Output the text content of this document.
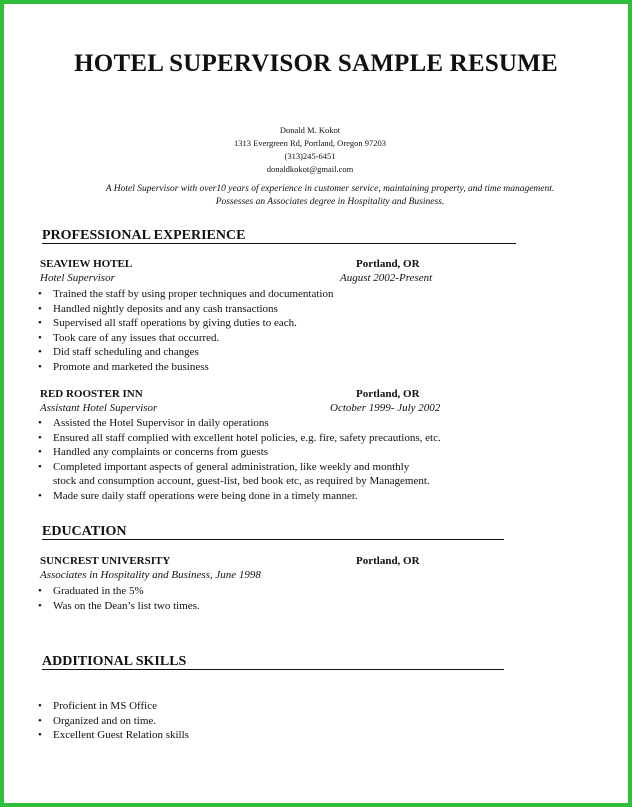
HOTEL SUPERVISOR SAMPLE RESUME
Donald M. Kokot
1313 Evergreen Rd, Portland, Oregon 97203
(313)245-6451
donaldkokot@gmail.com
A Hotel Supervisor with over10 years of experience in customer service, maintaining property, and time management.
Possesses an Associates degree in Hospitality and Business.
PROFESSIONAL EXPERIENCE
SEAVIEW HOTEL	Portland, OR
Hotel Supervisor	August 2002-Present
• Trained the staff by using proper techniques and documentation
• Handled nightly deposits and any cash transactions
• Supervised all staff operations by giving duties to each.
• Took care of any issues that occurred.
• Did staff scheduling and changes
• Promote and marketed the business
RED ROOSTER INN	Portland, OR
Assistant Hotel Supervisor	October 1999- July 2002
• Assisted the Hotel Supervisor in daily operations
• Ensured all staff complied with excellent hotel policies, e.g. fire, safety precautions, etc.
• Handled any complaints or concerns from guests
• Completed important aspects of general administration, like weekly and monthly
stock and consumption account, guest-list, bed book etc, as required by Management.
• Made sure daily staff operations were being done in a timely manner.
EDUCATION
SUNCREST UNIVERSITY	Portland, OR
Associates in Hospitality and Business, June 1998
• Graduated in the 5%
• Was on the Dean’s list two times.
ADDITIONAL SKILLS
• Proficient in MS Office
• Organized and on time.
• Excellent Guest Relation skills
